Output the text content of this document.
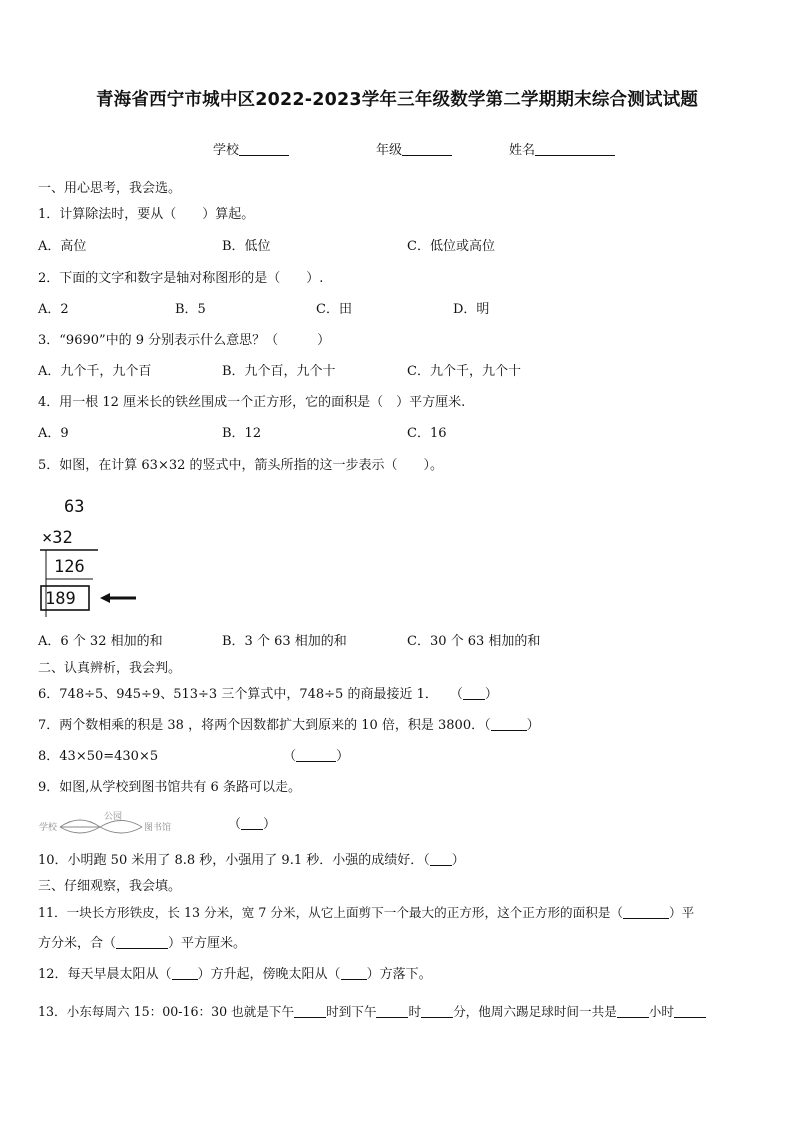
青海省西宁市城中区2022-2023学年三年级数学第二学期期末综合测试试题
学校	年级	姓名
一、用心思考，我会选。
1．计算除法时，要从（　　）算起。
A．高位	B．低位	C．低位或高位
2．下面的文字和数字是轴对称图形的是（　　）.
A．2	B．5	C．田	D．明
3．“9690”中的 9 分别表示什么意思？（　　　）
A．九个千，九个百	B．九个百，九个十	C．九个千，九个十
4．用一根 12 厘米长的铁丝围成一个正方形，它的面积是（　）平方厘米.
A．9	B．12	C．16
5．如图，在计算 63×32 的竖式中，箭头所指的这一步表示（　　）。
63
×32
126
189
A．6 个 32 相加的和	B．3 个 63 相加的和	C．30 个 63 相加的和
二、认真辨析，我会判。
6．748÷5、945÷9、513÷3 三个算式中，748÷5 的商最接近 1． （ ）
7．两个数相乘的积是 38 ，将两个因数都扩大到原来的 10 倍，积是 3800．（	）
8．43×50=430×5	（	）
9．如图,从学校到图书馆共有 6 条路可以走。
学校
公园
图书馆	（ ）
10．小明跑 50 米用了 8.8 秒，小强用了 9.1 秒．小强的成绩好．（ ）
三、仔细观察，我会填。
11．一块长方形铁皮，长 13 分米，宽 7 分米，从它上面剪下一个最大的正方形，这个正方形的面积是（	）平
方分米，合（	）平方厘米。
12．每天早晨太阳从（ ）方升起，傍晚太阳从（ ）方落下。
13．小东每周六 15：00-16：30 也就是下午	时到下午	时	分，他周六踢足球时间一共是	小时
